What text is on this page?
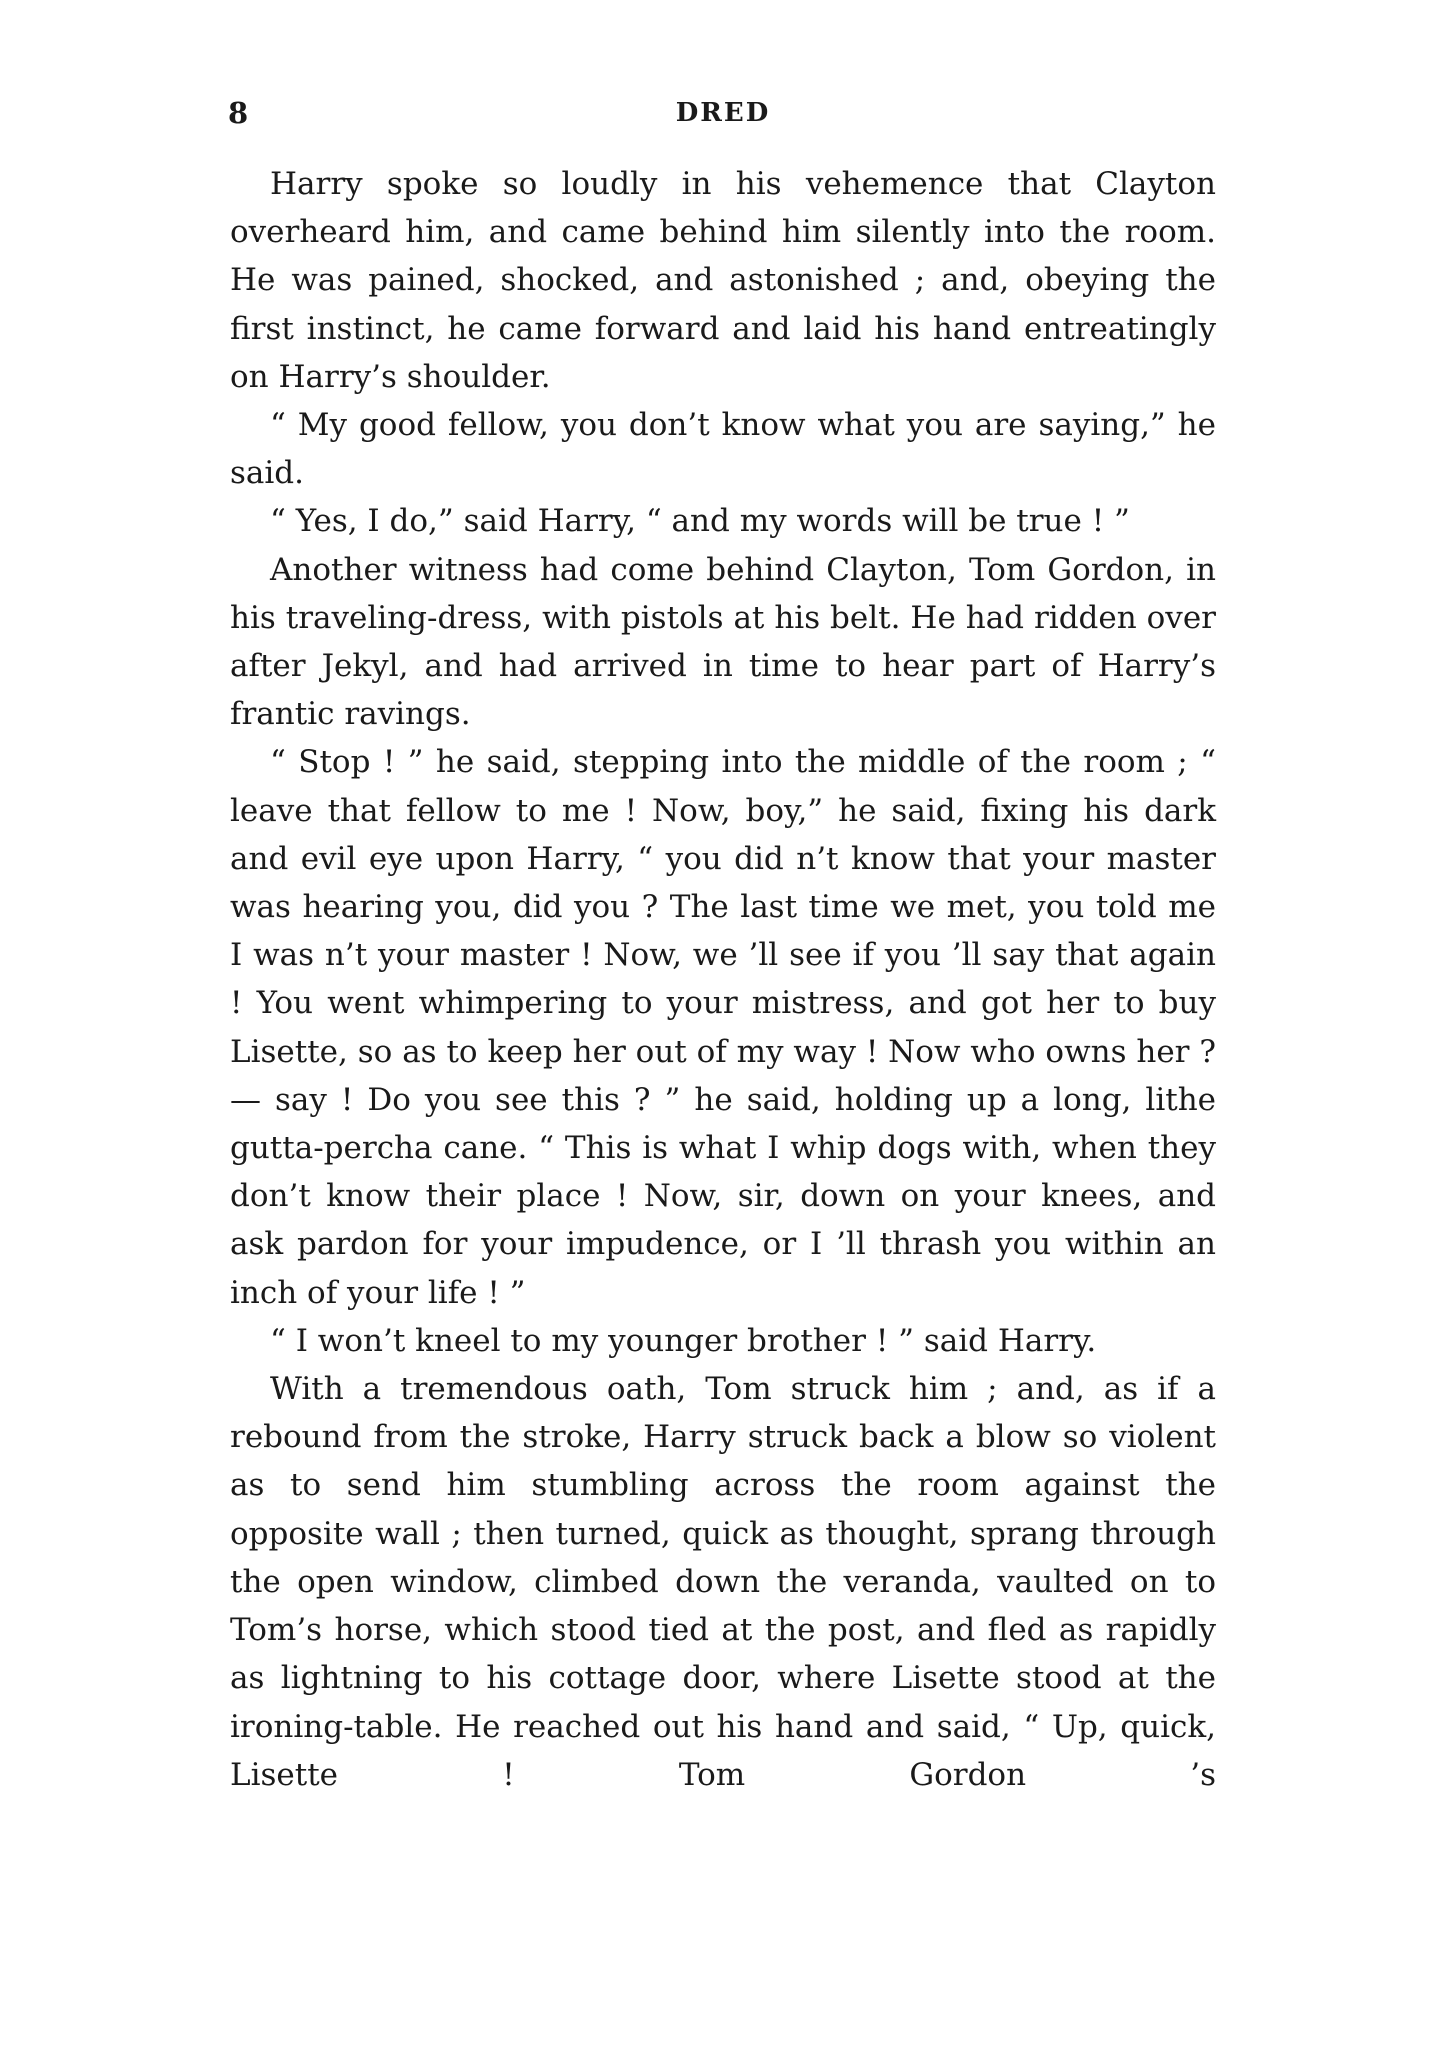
8	DRED

Harry spoke so loudly in his vehemence that Clayton overheard him, and came behind him silently into the room. He was pained, shocked, and astonished ; and, obeying the first instinct, he came forward and laid his hand entreatingly on Harry’s shoulder.

“ My good fellow, you don’t know what you are saying,” he said.

“ Yes, I do,” said Harry, “ and my words will be true ! ”

Another witness had come behind Clayton, Tom Gordon, in his traveling-dress, with pistols at his belt. He had ridden over after Jekyl, and had arrived in time to hear part of Harry’s frantic ravings.

“ Stop ! ” he said, stepping into the middle of the room ; “ leave that fellow to me ! Now, boy,” he said, fixing his dark and evil eye upon Harry, “ you did n’t know that your master was hearing you, did you ? The last time we met, you told me I was n’t your master ! Now, we ’ll see if you ’ll say that again ! You went whimpering to your mistress, and got her to buy Lisette, so as to keep her out of my way ! Now who owns her ? — say ! Do you see this ? ” he said, holding up a long, lithe gutta-percha cane. “ This is what I whip dogs with, when they don’t know their place ! Now, sir, down on your knees, and ask pardon for your impudence, or I ’ll thrash you within an inch of your life ! ”

“ I won’t kneel to my younger brother ! ” said Harry.

With a tremendous oath, Tom struck him ; and, as if a rebound from the stroke, Harry struck back a blow so violent as to send him stumbling across the room against the opposite wall ; then turned, quick as thought, sprang through the open window, climbed down the veranda, vaulted on to Tom’s horse, which stood tied at the post, and fled as rapidly as lightning to his cottage door, where Lisette stood at the ironing-table. He reached out his hand and said, “ Up, quick, Lisette ! Tom Gordon ’s
